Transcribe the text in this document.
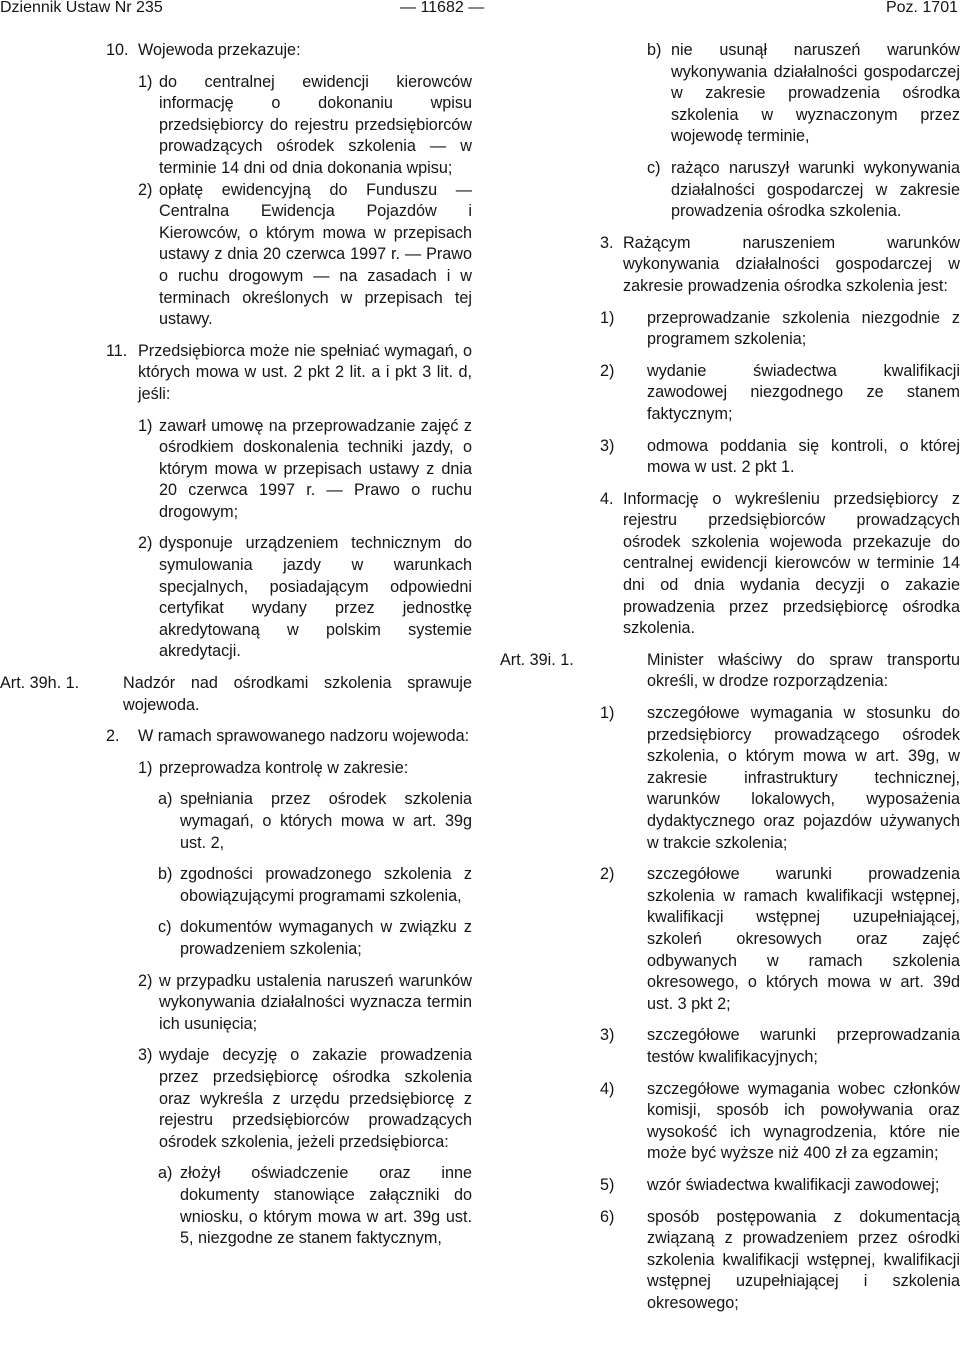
Dziennik Ustaw Nr 235	— 11682 —	Poz. 1701
10. Wojewoda przekazuje:
1) do centralnej ewidencji kierowców informację o dokonaniu wpisu przedsiębiorcy do rejestru przedsiębiorców prowadzących ośrodek szkolenia — w terminie 14 dni od dnia dokonania wpisu;
2) opłatę ewidencyjną do Funduszu — Centralna Ewidencja Pojazdów i Kierowców, o którym mowa w przepisach ustawy z dnia 20 czerwca 1997 r. — Prawo o ruchu drogowym — na zasadach i w terminach określonych w przepisach tej ustawy.
11. Przedsiębiorca może nie spełniać wymagań, o których mowa w ust. 2 pkt 2 lit. a i pkt 3 lit. d, jeśli:
1) zawarł umowę na przeprowadzanie zajęć z ośrodkiem doskonalenia techniki jazdy, o którym mowa w przepisach ustawy z dnia 20 czerwca 1997 r. — Prawo o ruchu drogowym;
2) dysponuje urządzeniem technicznym do symulowania jazdy w warunkach specjalnych, posiadającym odpowiedni certyfikat wydany przez jednostkę akredytowaną w polskim systemie akredytacji.
Art. 39h. 1.	Nadzór nad ośrodkami szkolenia sprawuje wojewoda.
2. W ramach sprawowanego nadzoru wojewoda:
1) przeprowadza kontrolę w zakresie:
a) spełniania przez ośrodek szkolenia wymagań, o których mowa w art. 39g ust. 2,
b) zgodności prowadzonego szkolenia z obowiązującymi programami szkolenia,
c) dokumentów wymaganych w związku z prowadzeniem szkolenia;
2) w przypadku ustalenia naruszeń warunków wykonywania działalności wyznacza termin ich usunięcia;
3) wydaje decyzję o zakazie prowadzenia przez przedsiębiorcę ośrodka szkolenia oraz wykreśla z urzędu przedsiębiorcę z rejestru przedsiębiorców prowadzących ośrodek szkolenia, jeżeli przedsiębiorca:
a) złożył oświadczenie oraz inne dokumenty stanowiące załączniki do wniosku, o którym mowa w art. 39g ust. 5, niezgodne ze stanem faktycznym,
b) nie usunął naruszeń warunków wykonywania działalności gospodarczej w zakresie prowadzenia ośrodka szkolenia w wyznaczonym przez wojewodę terminie,
c) rażąco naruszył warunki wykonywania działalności gospodarczej w zakresie prowadzenia ośrodka szkolenia.
3. Rażącym naruszeniem warunków wykonywania działalności gospodarczej w zakresie prowadzenia ośrodka szkolenia jest:
1) przeprowadzanie szkolenia niezgodnie z programem szkolenia;
2) wydanie świadectwa kwalifikacji zawodowej niezgodnego ze stanem faktycznym;
3) odmowa poddania się kontroli, o której mowa w ust. 2 pkt 1.
4. Informację o wykreśleniu przedsiębiorcy z rejestru przedsiębiorców prowadzących ośrodek szkolenia wojewoda przekazuje do centralnej ewidencji kierowców w terminie 14 dni od dnia wydania decyzji o zakazie prowadzenia przez przedsiębiorcę ośrodka szkolenia.
Art. 39i. 1.	Minister właściwy do spraw transportu określi, w drodze rozporządzenia:
1) szczegółowe wymagania w stosunku do przedsiębiorcy prowadzącego ośrodek szkolenia, o którym mowa w art. 39g, w zakresie infrastruktury technicznej, warunków lokalowych, wyposażenia dydaktycznego oraz pojazdów używanych w trakcie szkolenia;
2) szczegółowe warunki prowadzenia szkolenia w ramach kwalifikacji wstępnej, kwalifikacji wstępnej uzupełniającej, szkoleń okresowych oraz zajęć odbywanych w ramach szkolenia okresowego, o których mowa w art. 39d ust. 3 pkt 2;
3) szczegółowe warunki przeprowadzania testów kwalifikacyjnych;
4) szczegółowe wymagania wobec członków komisji, sposób ich powoływania oraz wysokość ich wynagrodzenia, które nie może być wyższe niż 400 zł za egzamin;
5) wzór świadectwa kwalifikacji zawodowej;
6) sposób postępowania z dokumentacją związaną z prowadzeniem przez ośrodki szkolenia kwalifikacji wstępnej, kwalifikacji wstępnej uzupełniającej i szkolenia okresowego;
